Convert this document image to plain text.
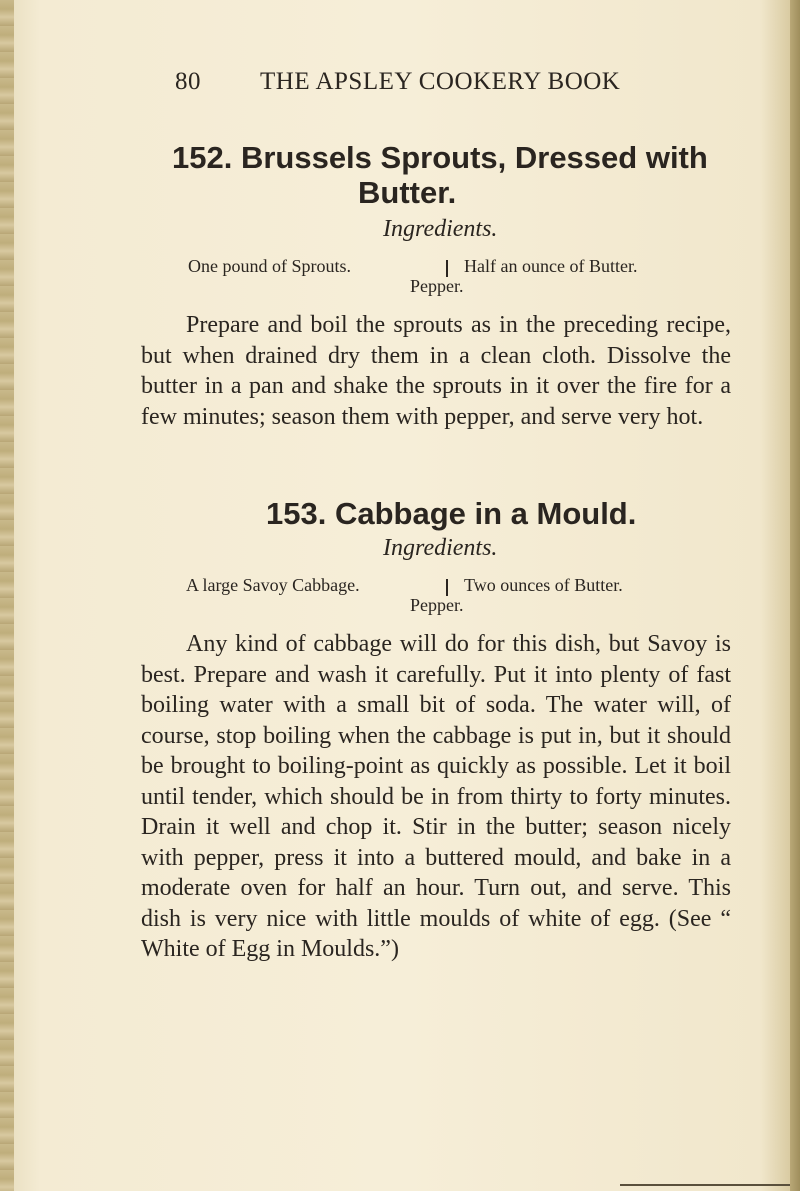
80 THE APSLEY COOKERY BOOK
152. Brussels Sprouts, Dressed with
Butter.
Ingredients.
One pound of Sprouts.	Half an ounce of Butter.
Pepper.
Prepare and boil the sprouts as in the preceding recipe, but when drained dry them in a clean cloth. Dissolve the butter in a pan and shake the sprouts in it over the fire for a few minutes; season them with pepper, and serve very hot.
153. Cabbage in a Mould.
Ingredients.
A large Savoy Cabbage.	Two ounces of Butter.
Pepper.
Any kind of cabbage will do for this dish, but Savoy is best. Prepare and wash it carefully. Put it into plenty of fast boiling water with a small bit of soda. The water will, of course, stop boiling when the cabbage is put in, but it should be brought to boiling-point as quickly as possible. Let it boil until tender, which should be in from thirty to forty minutes. Drain it well and chop it. Stir in the butter; season nicely with pepper, press it into a buttered mould, and bake in a moderate oven for half an hour. Turn out, and serve. This dish is very nice with little moulds of white of egg. (See “ White of Egg in Moulds.”)
